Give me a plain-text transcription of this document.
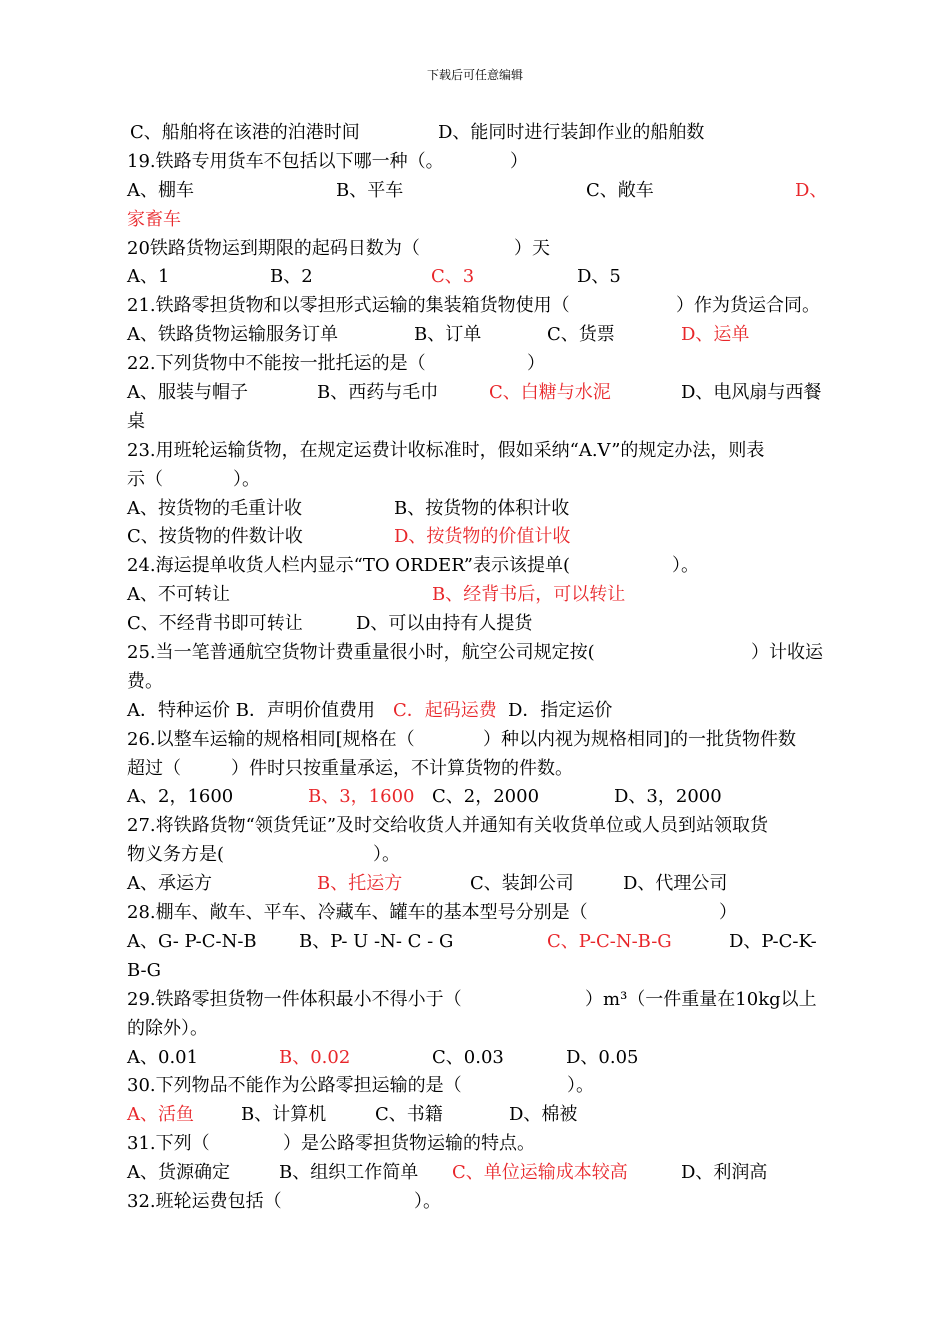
下载后可任意编辑
C、船舶将在该港的泊港时间	D、能同时进行装卸作业的船舶数
19.铁路专用货车不包括以下哪一种（。	）
A、棚车	B、平车	C、敞车	D、
家畜车
20铁路货物运到期限的起码日数为（	）天
A、1	B、2	C、3	D、5
21.铁路零担货物和以零担形式运输的集装箱货物使用（	）作为货运合同。
A、铁路货物运输服务订单	B、订单	C、货票	D、运单
22.下列货物中不能按一批托运的是（	）
A、服装与帽子	B、西药与毛巾	C、白糖与水泥	D、电风扇与西餐
桌
23.用班轮运输货物，在规定运费计收标准时，假如采纳“A.V”的规定办法，则表
示（	）。
A、按货物的毛重计收	B、按货物的体积计收
C、按货物的件数计收	D、按货物的价值计收
24.海运提单收货人栏内显示“TO ORDER”表示该提单(	）。
A、不可转让	B、经背书后，可以转让
C、不经背书即可转让	D、可以由持有人提货
25.当一笔普通航空货物计费重量很小时，航空公司规定按(	）计收运
费。
A．特种运价 B．声明价值费用 C．起码运费 D．指定运价
26.以整车运输的规格相同[规格在（	）种以内视为规格相同]的一批货物件数
超过（	）件时只按重量承运，不计算货物的件数。
A、2，1600	B、3，1600 C、2，2000	D、3，2000
27.将铁路货物“领货凭证”及时交给收货人并通知有关收货单位或人员到站领取货
物义务方是(	）。
A、承运方	B、托运方	C、装卸公司	D、代理公司
28.棚车、敞车、平车、冷藏车、罐车的基本型号分别是（	）
A、G- P-C-N-B B、P- U -N- C - G	C、P-C-N-B-G	D、P-C-K-
B-G
29.铁路零担货物一件体积最小不得小于（	）m³（一件重量在10kg以上
的除外）。
A、0.01	B、0.02	C、0.03	D、0.05
30.下列物品不能作为公路零担运输的是（	）。
A、活鱼	B、计算机	C、书籍	D、棉被
31.下列（	）是公路零担货物运输的特点。
A、货源确定	B、组织工作简单 C、单位运输成本较高	D、利润高
32.班轮运费包括（	）。
